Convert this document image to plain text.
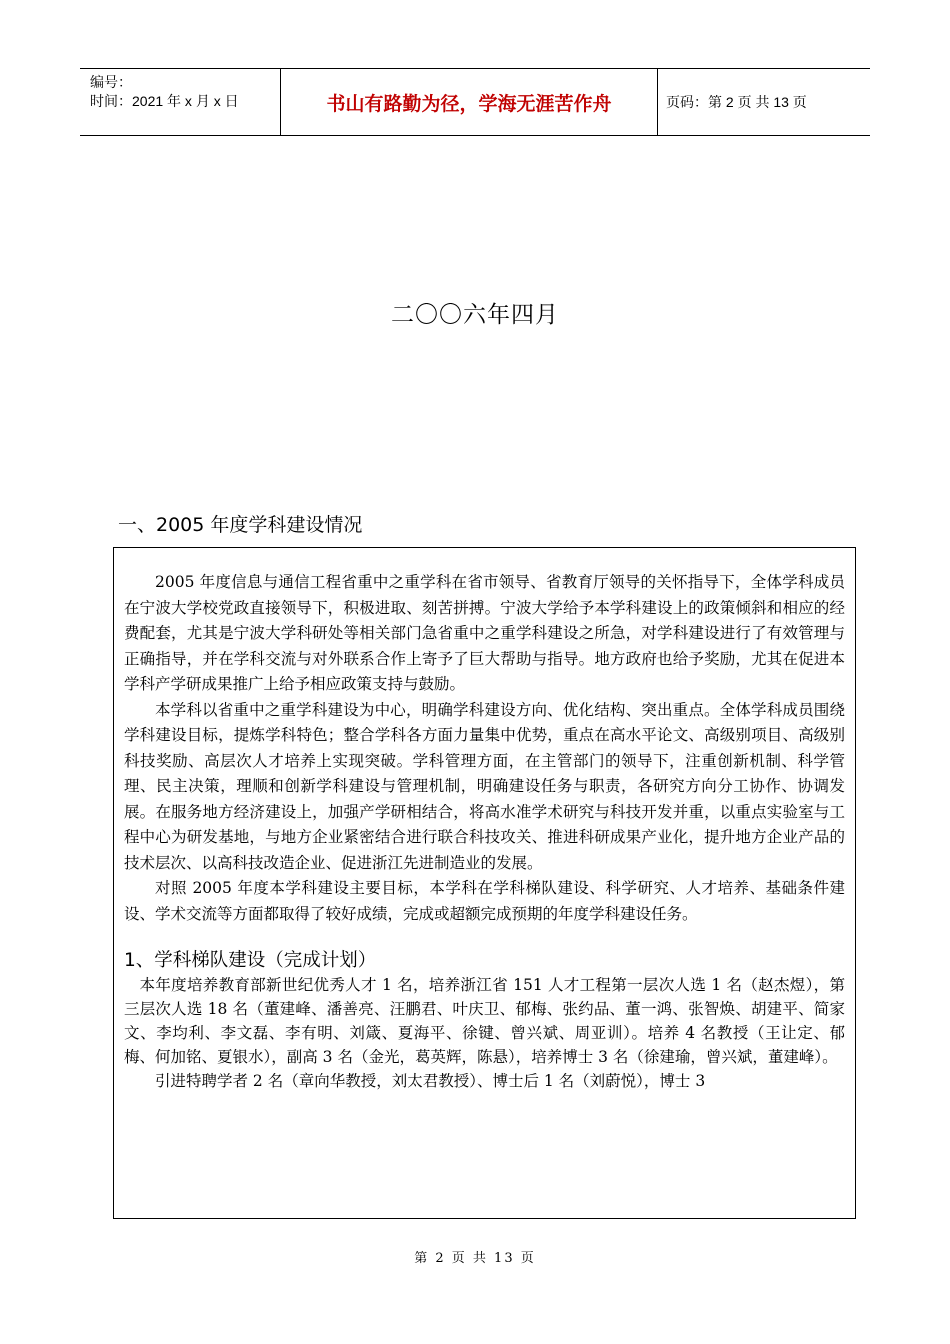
编号：
时间：2021 年 x 月 x 日	书山有路勤为径，学海无涯苦作舟	页码：第 2 页 共 13 页
二〇〇六年四月
一、2005 年度学科建设情况

2005 年度信息与通信工程省重中之重学科在省市领导、省教育厅领导的关怀指导下，全体学科成员在宁波大学校党政直接领导下，积极进取、刻苦拼搏。宁波大学给予本学科建设上的政策倾斜和相应的经费配套，尤其是宁波大学科研处等相关部门急省重中之重学科建设之所急，对学科建设进行了有效管理与正确指导，并在学科交流与对外联系合作上寄予了巨大帮助与指导。地方政府也给予奖励，尤其在促进本学科产学研成果推广上给予相应政策支持与鼓励。

本学科以省重中之重学科建设为中心，明确学科建设方向、优化结构、突出重点。全体学科成员围绕学科建设目标，提炼学科特色；整合学科各方面力量集中优势，重点在高水平论文、高级别项目、高级别科技奖励、高层次人才培养上实现突破。学科管理方面，在主管部门的领导下，注重创新机制、科学管理、民主决策，理顺和创新学科建设与管理机制，明确建设任务与职责，各研究方向分工协作、协调发展。在服务地方经济建设上，加强产学研相结合，将高水准学术研究与科技开发并重，以重点实验室与工程中心为研发基地，与地方企业紧密结合进行联合科技攻关、推进科研成果产业化，提升地方企业产品的技术层次、以高科技改造企业、促进浙江先进制造业的发展。

对照 2005 年度本学科建设主要目标，本学科在学科梯队建设、科学研究、人才培养、基础条件建设、学术交流等方面都取得了较好成绩，完成或超额完成预期的年度学科建设任务。

1、学科梯队建设（完成计划）

本年度培养教育部新世纪优秀人才 1 名，培养浙江省 151 人才工程第一层次人选 1 名（赵杰煜），第三层次人选 18 名（董建峰、潘善亮、汪鹏君、叶庆卫、郁梅、张约品、董一鸿、张智焕、胡建平、简家文、李均利、李文磊、李有明、刘箴、夏海平、徐键、曾兴斌、周亚训）。培养 4 名教授（王让定、郁梅、何加铭、夏银水），副高 3 名（金光，葛英辉，陈悬），培养博士 3 名（徐建瑜，曾兴斌，董建峰）。

引进特聘学者 2 名（章向华教授，刘太君教授）、博士后 1 名（刘蔚悦），博士 3

第 2 页 共 13 页
